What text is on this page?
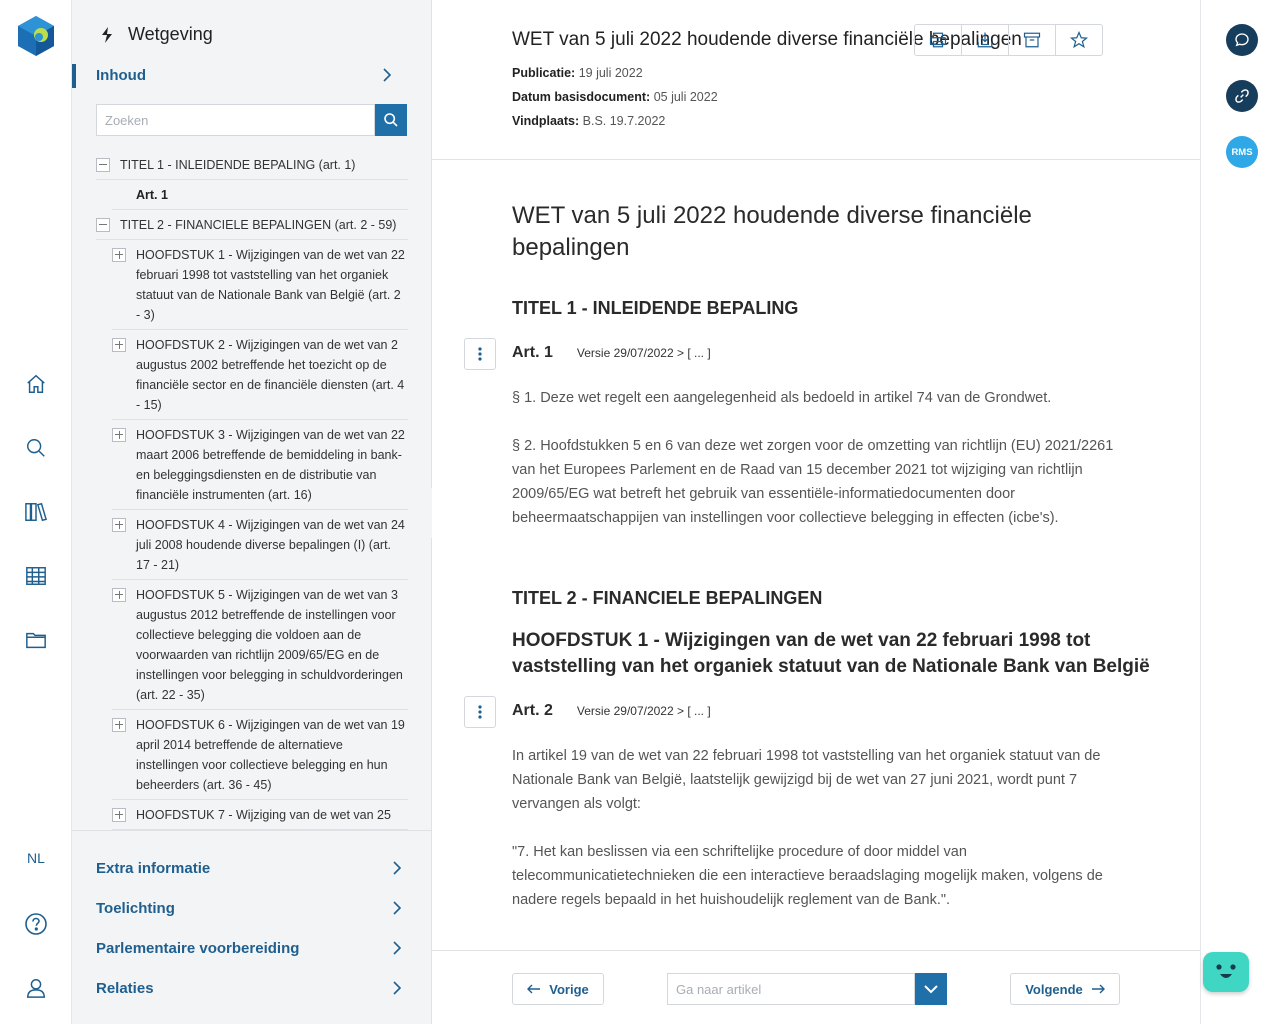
NL
Wetgeving
Inhoud
Zoeken
TITEL 1 - INLEIDENDE BEPALING (art. 1)
Art. 1
TITEL 2 - FINANCIELE BEPALINGEN (art. 2 - 59)
HOOFDSTUK 1 - Wijzigingen van de wet van 22 februari 1998 tot vaststelling van het organiek statuut van de Nationale Bank van België (art. 2 - 3)
HOOFDSTUK 2 - Wijzigingen van de wet van 2 augustus 2002 betreffende het toezicht op de financiële sector en de financiële diensten (art. 4 - 15)
HOOFDSTUK 3 - Wijzigingen van de wet van 22 maart 2006 betreffende de bemiddeling in bank- en beleggingsdiensten en de distributie van financiële instrumenten (art. 16)
HOOFDSTUK 4 - Wijzigingen van de wet van 24 juli 2008 houdende diverse bepalingen (I) (art. 17 - 21)
HOOFDSTUK 5 - Wijzigingen van de wet van 3 augustus 2012 betreffende de instellingen voor collectieve belegging die voldoen aan de voorwaarden van richtlijn 2009/65/EG en de instellingen voor belegging in schuldvorderingen (art. 22 - 35)
HOOFDSTUK 6 - Wijzigingen van de wet van 19 april 2014 betreffende de alternatieve instellingen voor collectieve belegging en hun beheerders (art. 36 - 45)
HOOFDSTUK 7 - Wijziging van de wet van 25
Extra informatie
Toelichting
Parlementaire voorbereiding
Relaties
WET van 5 juli 2022 houdende diverse financiële bepalingen
Publicatie: 19 juli 2022
Datum basisdocument: 05 juli 2022
Vindplaats: B.S. 19.7.2022
WET van 5 juli 2022 houdende diverse financiële bepalingen
TITEL 1 - INLEIDENDE BEPALING
Art. 1 Versie 29/07/2022 > [ ... ]
§ 1. Deze wet regelt een aangelegenheid als bedoeld in artikel 74 van de Grondwet.
§ 2. Hoofdstukken 5 en 6 van deze wet zorgen voor de omzetting van richtlijn (EU) 2021/2261 van het Europees Parlement en de Raad van 15 december 2021 tot wijziging van richtlijn 2009/65/EG wat betreft het gebruik van essentiële-informatiedocumenten door beheermaatschappijen van instellingen voor collectieve belegging in effecten (icbe's).
TITEL 2 - FINANCIELE BEPALINGEN
HOOFDSTUK 1 - Wijzigingen van de wet van 22 februari 1998 tot vaststelling van het organiek statuut van de Nationale Bank van België
Art. 2 Versie 29/07/2022 > [ ... ]
In artikel 19 van de wet van 22 februari 1998 tot vaststelling van het organiek statuut van de Nationale Bank van België, laatstelijk gewijzigd bij de wet van 27 juni 2021, wordt punt 7 vervangen als volgt:
"7. Het kan beslissen via een schriftelijke procedure of door middel van telecommunicatietechnieken die een interactieve beraadslaging mogelijk maken, volgens de nadere regels bepaald in het huishoudelijk reglement van de Bank.".
Vorige	Ga naar artikel	Volgende
RMS
